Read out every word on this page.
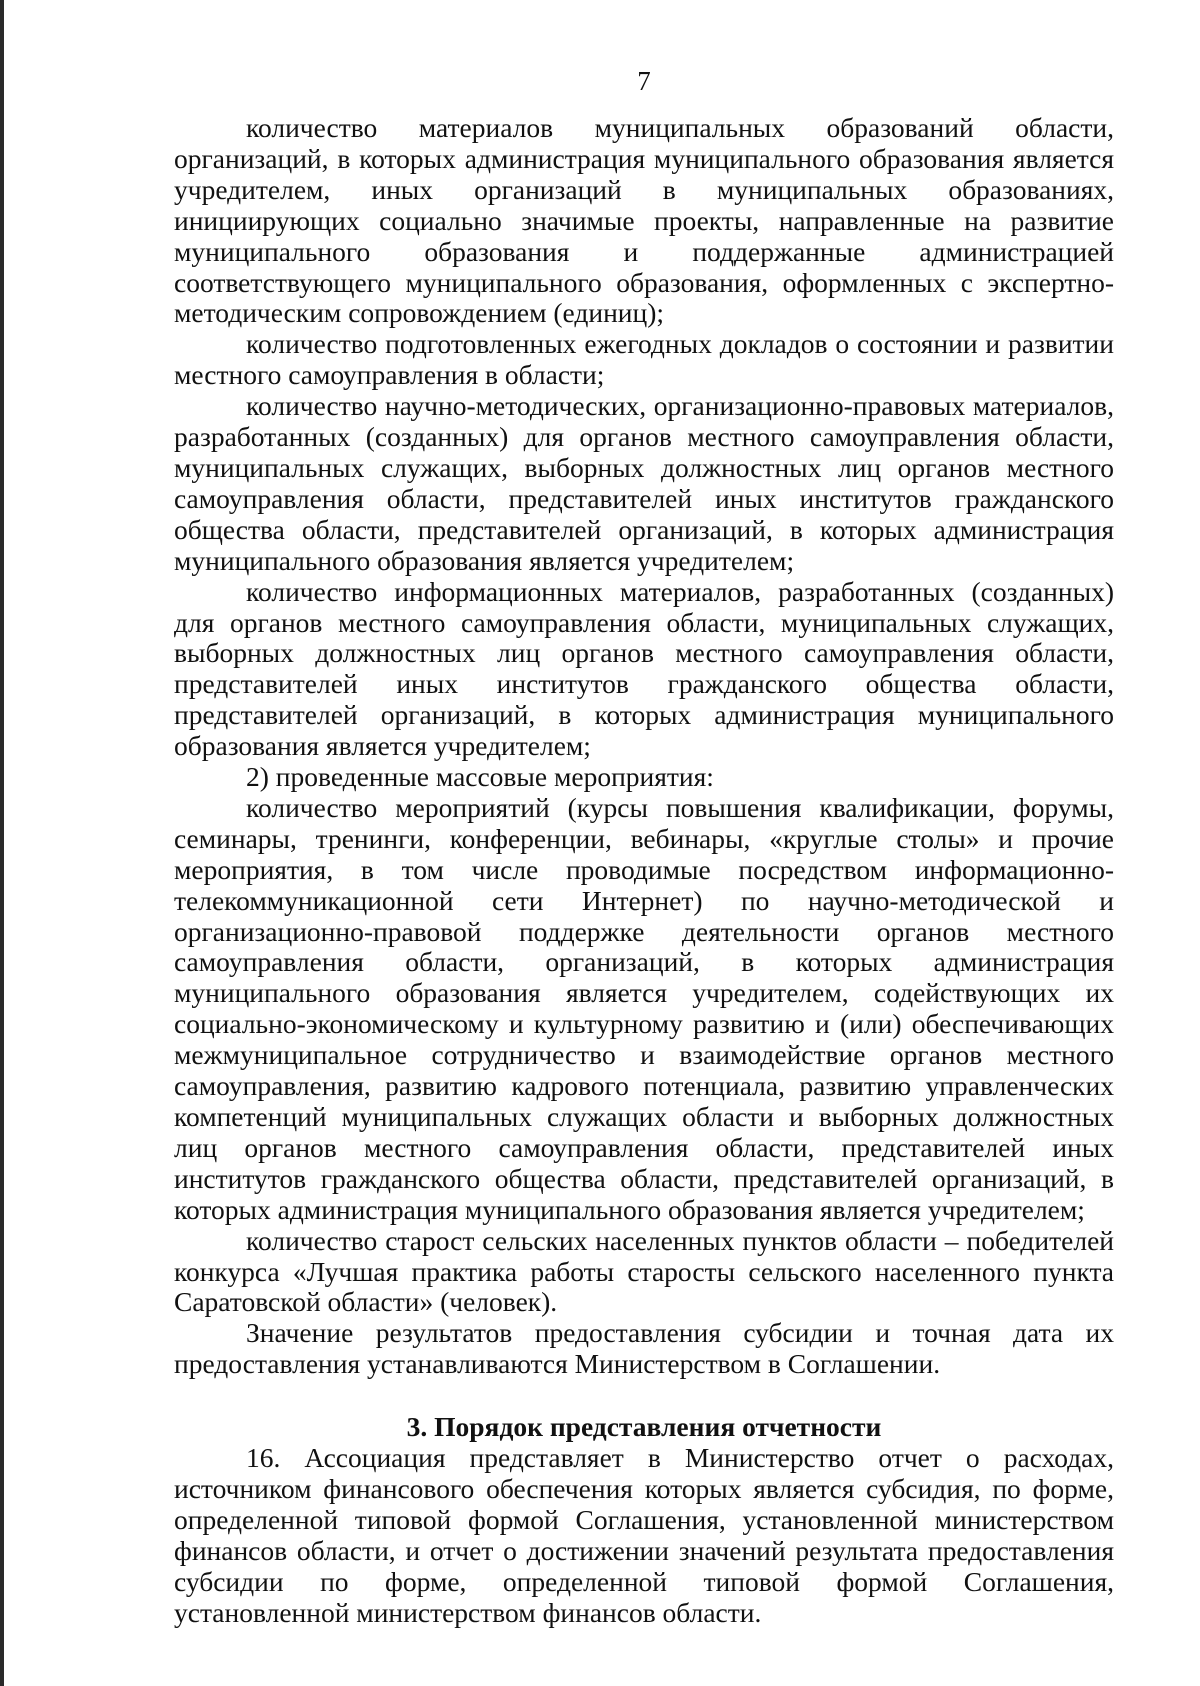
7

количество материалов муниципальных образований области, организаций, в которых администрация муниципального образования является учредителем, иных организаций в муниципальных образованиях, инициирующих социально значимые проекты, направленные на развитие муниципального образования и поддержанные администрацией соответствующего муниципального образования, оформленных с экспертно-методическим сопровождением (единиц);

количество подготовленных ежегодных докладов о состоянии и развитии местного самоуправления в области;

количество научно-методических, организационно-правовых материалов, разработанных (созданных) для органов местного самоуправления области, муниципальных служащих, выборных должностных лиц органов местного самоуправления области, представителей иных институтов гражданского общества области, представителей организаций, в которых администрация муниципального образования является учредителем;

количество информационных материалов, разработанных (созданных) для органов местного самоуправления области, муниципальных служащих, выборных должностных лиц органов местного самоуправления области, представителей иных институтов гражданского общества области, представителей организаций, в которых администрация муниципального образования является учредителем;

2) проведенные массовые мероприятия:

количество мероприятий (курсы повышения квалификации, форумы, семинары, тренинги, конференции, вебинары, «круглые столы» и прочие мероприятия, в том числе проводимые посредством информационно-телекоммуникационной сети Интернет) по научно-методической и организационно-правовой поддержке деятельности органов местного самоуправления области, организаций, в которых администрация муниципального образования является учредителем, содействующих их социально-экономическому и культурному развитию и (или) обеспечивающих межмуниципальное сотрудничество и взаимодействие органов местного самоуправления, развитию кадрового потенциала, развитию управленческих компетенций муниципальных служащих области и выборных должностных лиц органов местного самоуправления области, представителей иных институтов гражданского общества области, представителей организаций, в которых администрация муниципального образования является учредителем;

количество старост сельских населенных пунктов области – победителей конкурса «Лучшая практика работы старосты сельского населенного пункта Саратовской области» (человек).

Значение результатов предоставления субсидии и точная дата их предоставления устанавливаются Министерством в Соглашении.

3. Порядок представления отчетности

16. Ассоциация представляет в Министерство отчет о расходах, источником финансового обеспечения которых является субсидия, по форме, определенной типовой формой Соглашения, установленной министерством финансов области, и отчет о достижении значений результата предоставления субсидии по форме, определенной типовой формой Соглашения, установленной министерством финансов области.
